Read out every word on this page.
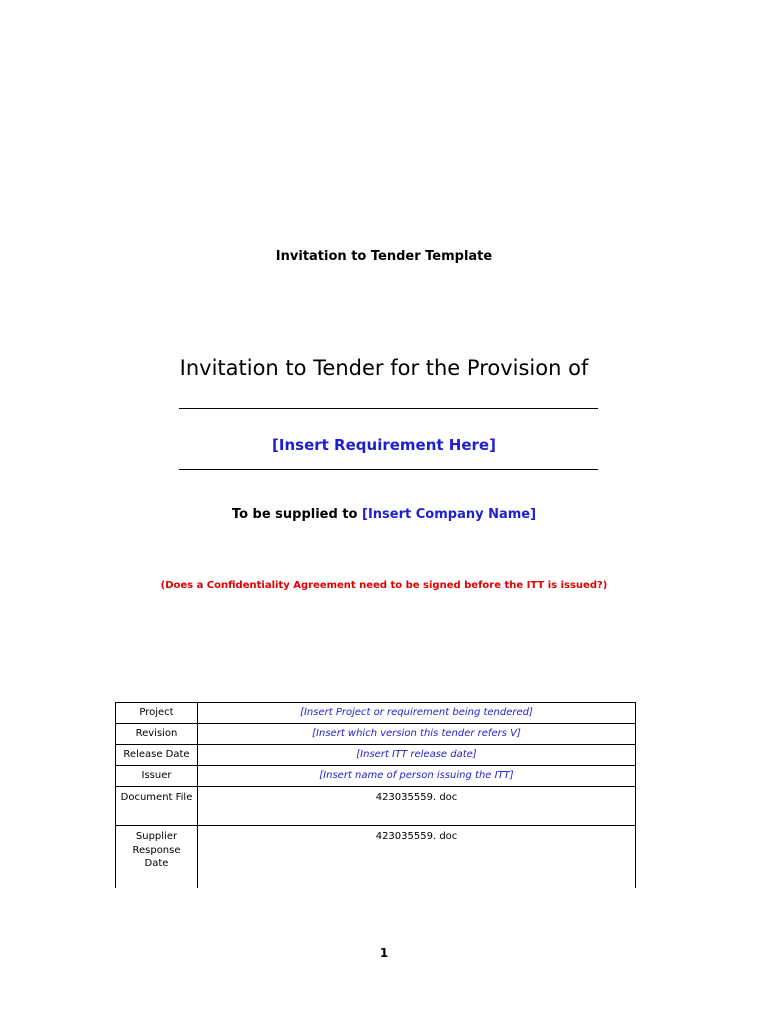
Invitation to Tender Template
Invitation to Tender for the Provision of
[Insert Requirement Here]
To be supplied to [Insert Company Name]
(Does a Confidentiality Agreement need to be signed before the ITT is issued?)
Project	[Insert Project or requirement being tendered]
Revision	[Insert which version this tender refers V]
Release Date	[Insert ITT release date]
Issuer	[Insert name of person issuing the ITT]
Document File	423035559. doc
Supplier Response Date	423035559. doc
1
